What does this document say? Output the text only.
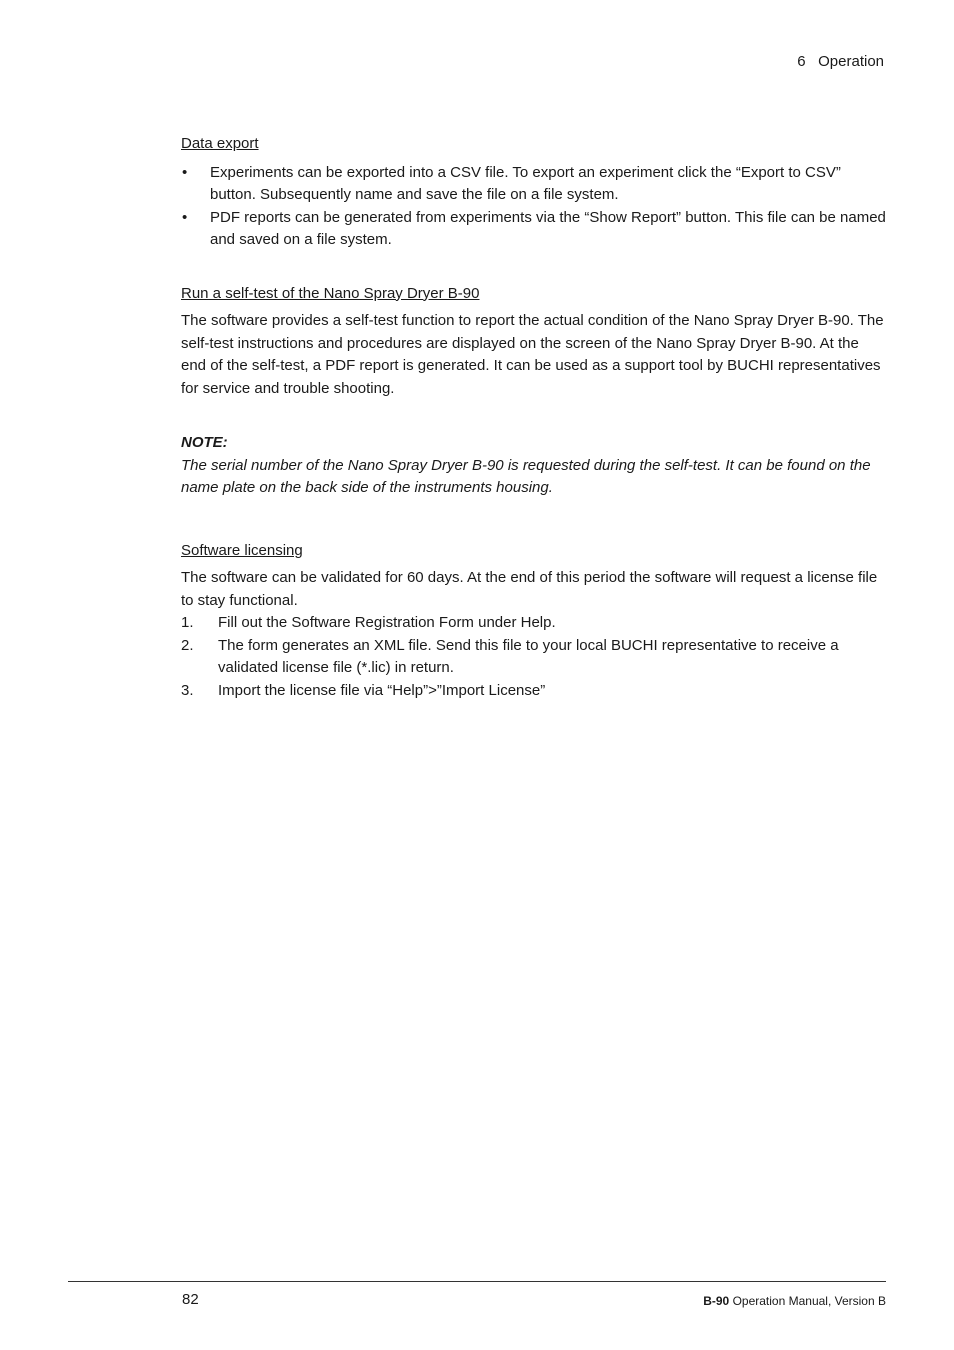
6 Operation

Data export

• Experiments can be exported into a CSV file. To export an experiment click the “Export to CSV” button. Subsequently name and save the file on a file system.
• PDF reports can be generated from experiments via the “Show Report” button. This file can be named and saved on a file system.

Run a self-test of the Nano Spray Dryer B-90

The software provides a self-test function to report the actual condition of the Nano Spray Dryer B-90. The self-test instructions and procedures are displayed on the screen of the Nano Spray Dryer B-90. At the end of the self-test, a PDF report is generated. It can be used as a support tool by BUCHI representatives for service and trouble shooting.

NOTE:

The serial number of the Nano Spray Dryer B-90 is requested during the self-test. It can be found on the name plate on the back side of the instruments housing.

Software licensing

The software can be validated for 60 days. At the end of this period the software will request a license file to stay functional.

1. Fill out the Software Registration Form under Help.
2. The form generates an XML file. Send this file to your local BUCHI representative to receive a validated license file (*.lic) in return.
3. Import the license file via “Help”>”Import License”
82	B-90 Operation Manual, Version B
